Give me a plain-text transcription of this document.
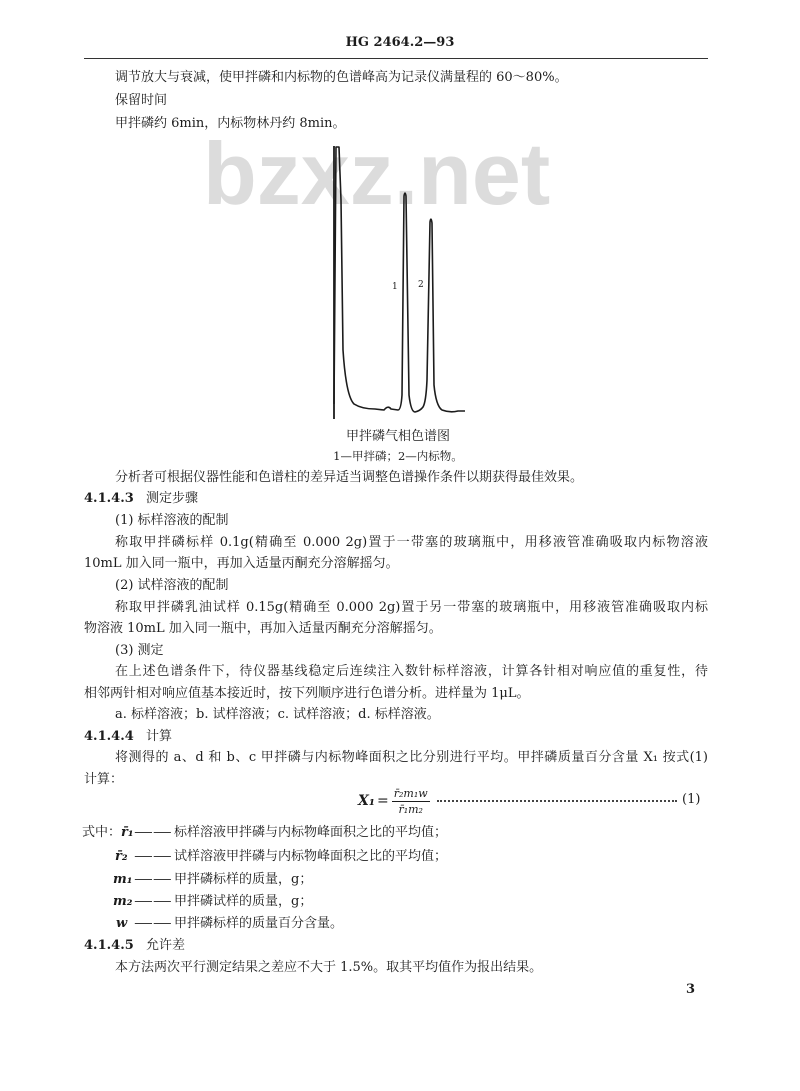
HG 2464.2—93
bzxz.net
调节放大与衰减，使甲拌磷和内标物的色谱峰高为记录仪满量程的 60～80%。
保留时间
甲拌磷约 6min，内标物林丹约 8min。
1 2
甲拌磷气相色谱图
1—甲拌磷；2—内标物。
分析者可根据仪器性能和色谱柱的差异适当调整色谱操作条件以期获得最佳效果。
4.1.4.3 测定步骤
(1) 标样溶液的配制
称取甲拌磷标样 0.1g(精确至 0.000 2g)置于一带塞的玻璃瓶中，用移液管准确吸取内标物溶液
10mL 加入同一瓶中，再加入适量丙酮充分溶解摇匀。
(2) 试样溶液的配制
称取甲拌磷乳油试样 0.15g(精确至 0.000 2g)置于另一带塞的玻璃瓶中，用移液管准确吸取内标
物溶液 10mL 加入同一瓶中，再加入适量丙酮充分溶解摇匀。
(3) 测定
在上述色谱条件下，待仪器基线稳定后连续注入数针标样溶液，计算各针相对响应值的重复性，待
相邻两针相对响应值基本接近时，按下列顺序进行色谱分析。进样量为 1μL。
a. 标样溶液；b. 试样溶液；c. 试样溶液；d. 标样溶液。
4.1.4.4 计算
将测得的 a、d 和 b、c 甲拌磷与内标物峰面积之比分别进行平均。甲拌磷质量百分含量 X₁ 按式(1)
计算：
$X_1 = \frac{\text{r̄₂m₁w}}{\text{r̄₁m₂}}$	(1)
式中： r̄₁ —— 标样溶液甲拌磷与内标物峰面积之比的平均值；
r̄₂ —— 试样溶液甲拌磷与内标物峰面积之比的平均值；
m₁ —— 甲拌磷标样的质量，g；
m₂ —— 甲拌磷试样的质量，g；
w —— 甲拌磷标样的质量百分含量。
4.1.4.5 允许差
本方法两次平行测定结果之差应不大于 1.5%。取其平均值作为报出结果。
3
